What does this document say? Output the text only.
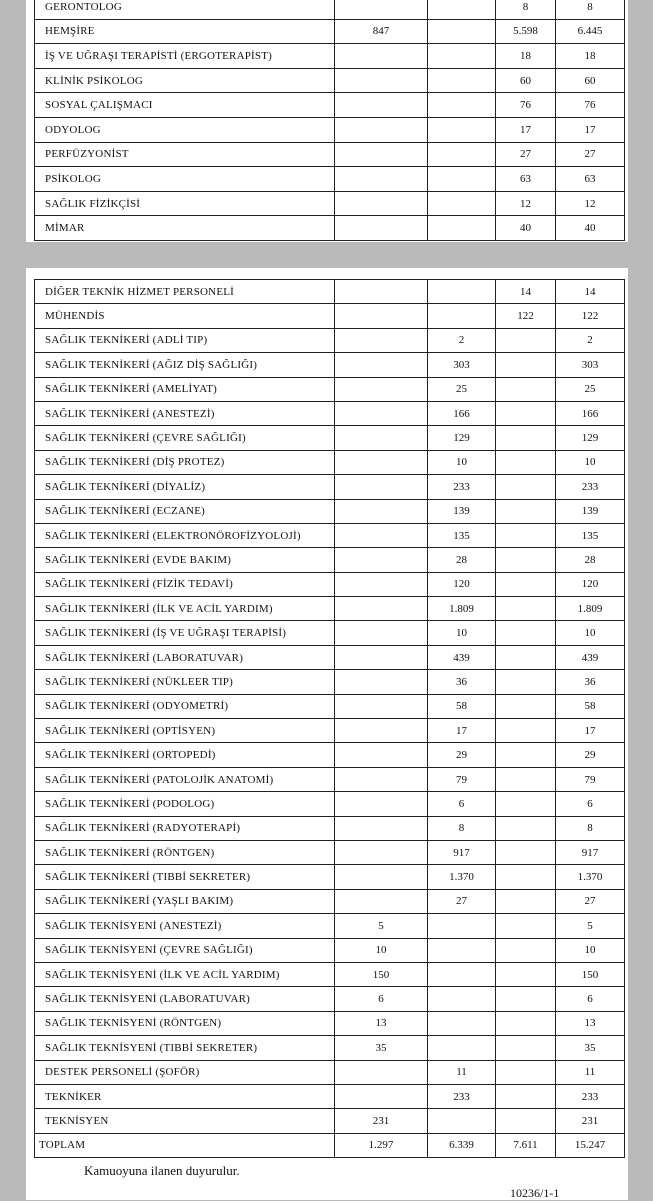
GERONTOLOG			8	8
HEMŞİRE	847		5.598	6.445
İŞ VE UĞRAŞI TERAPİSTİ (ERGOTERAPİST)			18	18
KLİNİK PSİKOLOG			60	60
SOSYAL ÇALIŞMACI			76	76
ODYOLOG			17	17
PERFÜZYONİST			27	27
PSİKOLOG			63	63
SAĞLIK FİZİKÇİSİ			12	12
MİMAR			40	40
DİĞER TEKNİK HİZMET PERSONELİ			14	14
MÜHENDİS			122	122
SAĞLIK TEKNİKERİ (ADLİ TIP)		2		2
SAĞLIK TEKNİKERİ (AĞIZ DİŞ SAĞLIĞI)		303		303
SAĞLIK TEKNİKERİ (AMELİYAT)		25		25
SAĞLIK TEKNİKERİ (ANESTEZİ)		166		166
SAĞLIK TEKNİKERİ (ÇEVRE SAĞLIĞI)		129		129
SAĞLIK TEKNİKERİ (DİŞ PROTEZ)		10		10
SAĞLIK TEKNİKERİ (DİYALİZ)		233		233
SAĞLIK TEKNİKERİ (ECZANE)		139		139
SAĞLIK TEKNİKERİ (ELEKTRONÖROFİZYOLOJİ)		135		135
SAĞLIK TEKNİKERİ (EVDE BAKIM)		28		28
SAĞLIK TEKNİKERİ (FİZİK TEDAVİ)		120		120
SAĞLIK TEKNİKERİ (İLK VE ACİL YARDIM)		1.809		1.809
SAĞLIK TEKNİKERİ (İŞ VE UĞRAŞI TERAPİSİ)		10		10
SAĞLIK TEKNİKERİ (LABORATUVAR)		439		439
SAĞLIK TEKNİKERİ (NÜKLEER TIP)		36		36
SAĞLIK TEKNİKERİ (ODYOMETRİ)		58		58
SAĞLIK TEKNİKERİ (OPTİSYEN)		17		17
SAĞLIK TEKNİKERİ (ORTOPEDİ)		29		29
SAĞLIK TEKNİKERİ (PATOLOJİK ANATOMİ)		79		79
SAĞLIK TEKNİKERİ (PODOLOG)		6		6
SAĞLIK TEKNİKERİ (RADYOTERAPİ)		8		8
SAĞLIK TEKNİKERİ (RÖNTGEN)		917		917
SAĞLIK TEKNİKERİ (TIBBİ SEKRETER)		1.370		1.370
SAĞLIK TEKNİKERİ (YAŞLI BAKIM)		27		27
SAĞLIK TEKNİSYENİ (ANESTEZİ)	5			5
SAĞLIK TEKNİSYENİ (ÇEVRE SAĞLIĞI)	10			10
SAĞLIK TEKNİSYENİ (İLK VE ACİL YARDIM)	150			150
SAĞLIK TEKNİSYENİ (LABORATUVAR)	6			6
SAĞLIK TEKNİSYENİ (RÖNTGEN)	13			13
SAĞLIK TEKNİSYENİ (TIBBİ SEKRETER)	35			35
DESTEK PERSONELİ (ŞOFÖR)		11		11
TEKNİKER		233		233
TEKNİSYEN	231			231
TOPLAM	1.297	6.339	7.611	15.247
Kamuoyuna ilanen duyurulur.
10236/1-1
